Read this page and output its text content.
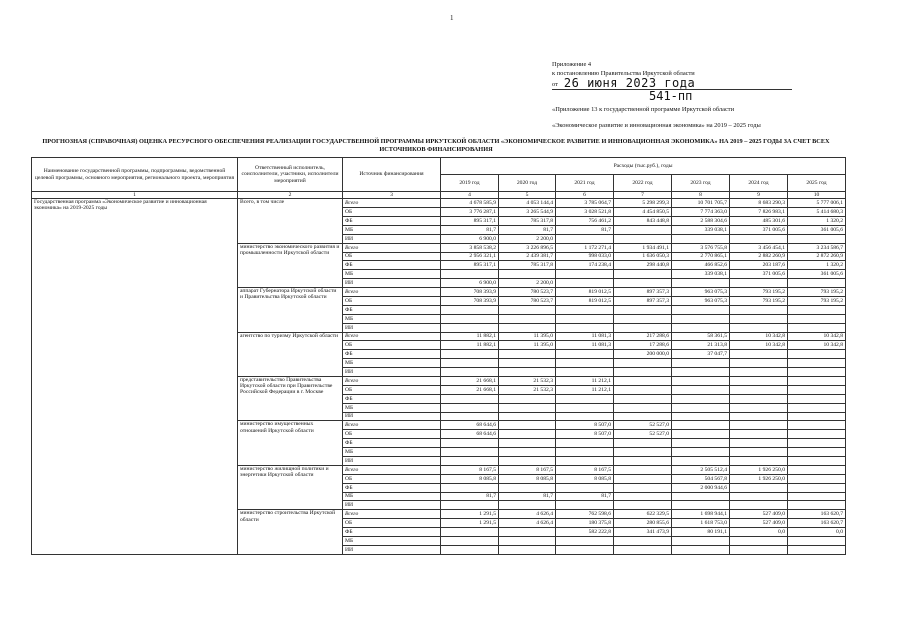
1
Приложение 4
к постановлению Правительства Иркутской области
от 26 июня 2023 года
541-пп
«Приложение 13 к государственной программе Иркутской области
«Экономическое развитие и инновационная экономика» на 2019 – 2025 годы
ПРОГНОЗНАЯ (СПРАВОЧНАЯ) ОЦЕНКА РЕСУРСНОГО ОБЕСПЕЧЕНИЯ РЕАЛИЗАЦИИ ГОСУДАРСТВЕННОЙ ПРОГРАММЫ ИРКУТСКОЙ ОБЛАСТИ «ЭКОНОМИЧЕСКОЕ РАЗВИТИЕ И ИННОВАЦИОННАЯ ЭКОНОМИКА» НА 2019 – 2025 ГОДЫ ЗА СЧЕТ ВСЕХ ИСТОЧНИКОВ ФИНАНСИРОВАНИЯ
Наименование государственной программы, подпрограммы, ведомственной целевой программы, основного мероприятия, регионального проекта, мероприятия	Ответственный исполнитель, соисполнители, участники, исполнители мероприятий	Источник финансирования	Расходы (тыс.руб.), годы						
			2019 год	2020 год	2021 год	2022 год	2023 год	2024 год	2025 год
1	2	3	4	5	6	7	8	9	10
Государственная программа «Экономическое развитие и инновационная экономика» на 2019-2025 годы	Всего, в том числе	Всего	4 678 585,9	4 053 144,4	3 785 064,7	5 298 299,3	10 701 705,7	8 683 290,3	5 777 006,1
		ОБ	3 776 287,1	3 265 544,9	3 028 521,8	4 454 850,5	7 774 363,0	7 826 983,1	5 414 680,3
		ФБ	895 317,1	785 317,8	756 461,2	843 448,8	2 588 304,6	485 301,6	1 320,2
		МБ	81,7	81,7	81,7		339 038,1	371 005,6	361 005,6
		ИИ	6 900,0	2 200,0					
	министерство экономического развития и промышленности Иркутской области	Всего	3 858 538,2	3 226 896,5	1 172 271,4	1 934 491,1	3 576 755,8	3 456 454,1	3 234 586,7
		ОБ	2 956 321,1	2 439 381,7	998 033,0	1 636 050,3	2 770 865,1	2 882 260,9	2 872 260,9
		ФБ	895 317,1	785 317,8	174 238,4	298 440,8	466 852,6	203 187,6	1 320,2
		МБ					339 038,1	371 005,6	361 005,6
		ИИ	6 900,0	2 200,0					
	аппарат Губернатора Иркутской области и Правительства Иркутской области	Всего	708 393,9	780 523,7	819 012,5	897 357,3	963 075,3	793 195,2	793 195,2
		ОБ	708 393,9	780 523,7	819 012,5	897 357,3	963 075,3	793 195,2	793 195,2
		ФБ							
		МБ							
		ИИ							
	агентство по туризму Иркутской области	Всего	11 882,1	11 395,0	11 081,3	217 288,6	58 361,5	10 342,8	10 342,8
		ОБ	11 882,1	11 395,0	11 081,3	17 288,6	21 313,8	10 342,8	10 342,8
		ФБ				200 000,0	37 047,7		
		МБ							
		ИИ							
	представительство Правительства Иркутской области при Правительстве Российской Федерации в г. Москве	Всего	21 668,1	21 532,3	11 212,1				
		ОБ	21 668,1	21 532,3	11 212,1				
		ФБ							
		МБ							
		ИИ							
	министерство имущественных отношений Иркутской области	Всего	68 644,6		8 507,0	52 527,0			
		ОБ	68 644,6		8 507,0	52 527,0			
		ФБ							
		МБ							
		ИИ							
	министерство жилищной политики и энергетики Иркутской области	Всего	8 167,5	8 167,5	8 167,5		2 505 512,4	1 926 250,0	
		ОБ	8 085,8	8 085,8	8 085,8		504 567,8	1 926 250,0	
		ФБ					2 000 944,6		
		МБ	81,7	81,7	81,7				
		ИИ							
	министерство строительства Иркутской области	Всего	1 291,5	4 626,4	762 598,6	622 329,5	1 698 944,1	527 409,0	163 620,7
		ОБ	1 291,5	4 626,4	180 375,8	280 855,6	1 618 753,0	527 409,0	163 620,7
		ФБ			582 222,8	341 473,9	80 191,1	0,0	0,0
		МБ							
		ИИ							
